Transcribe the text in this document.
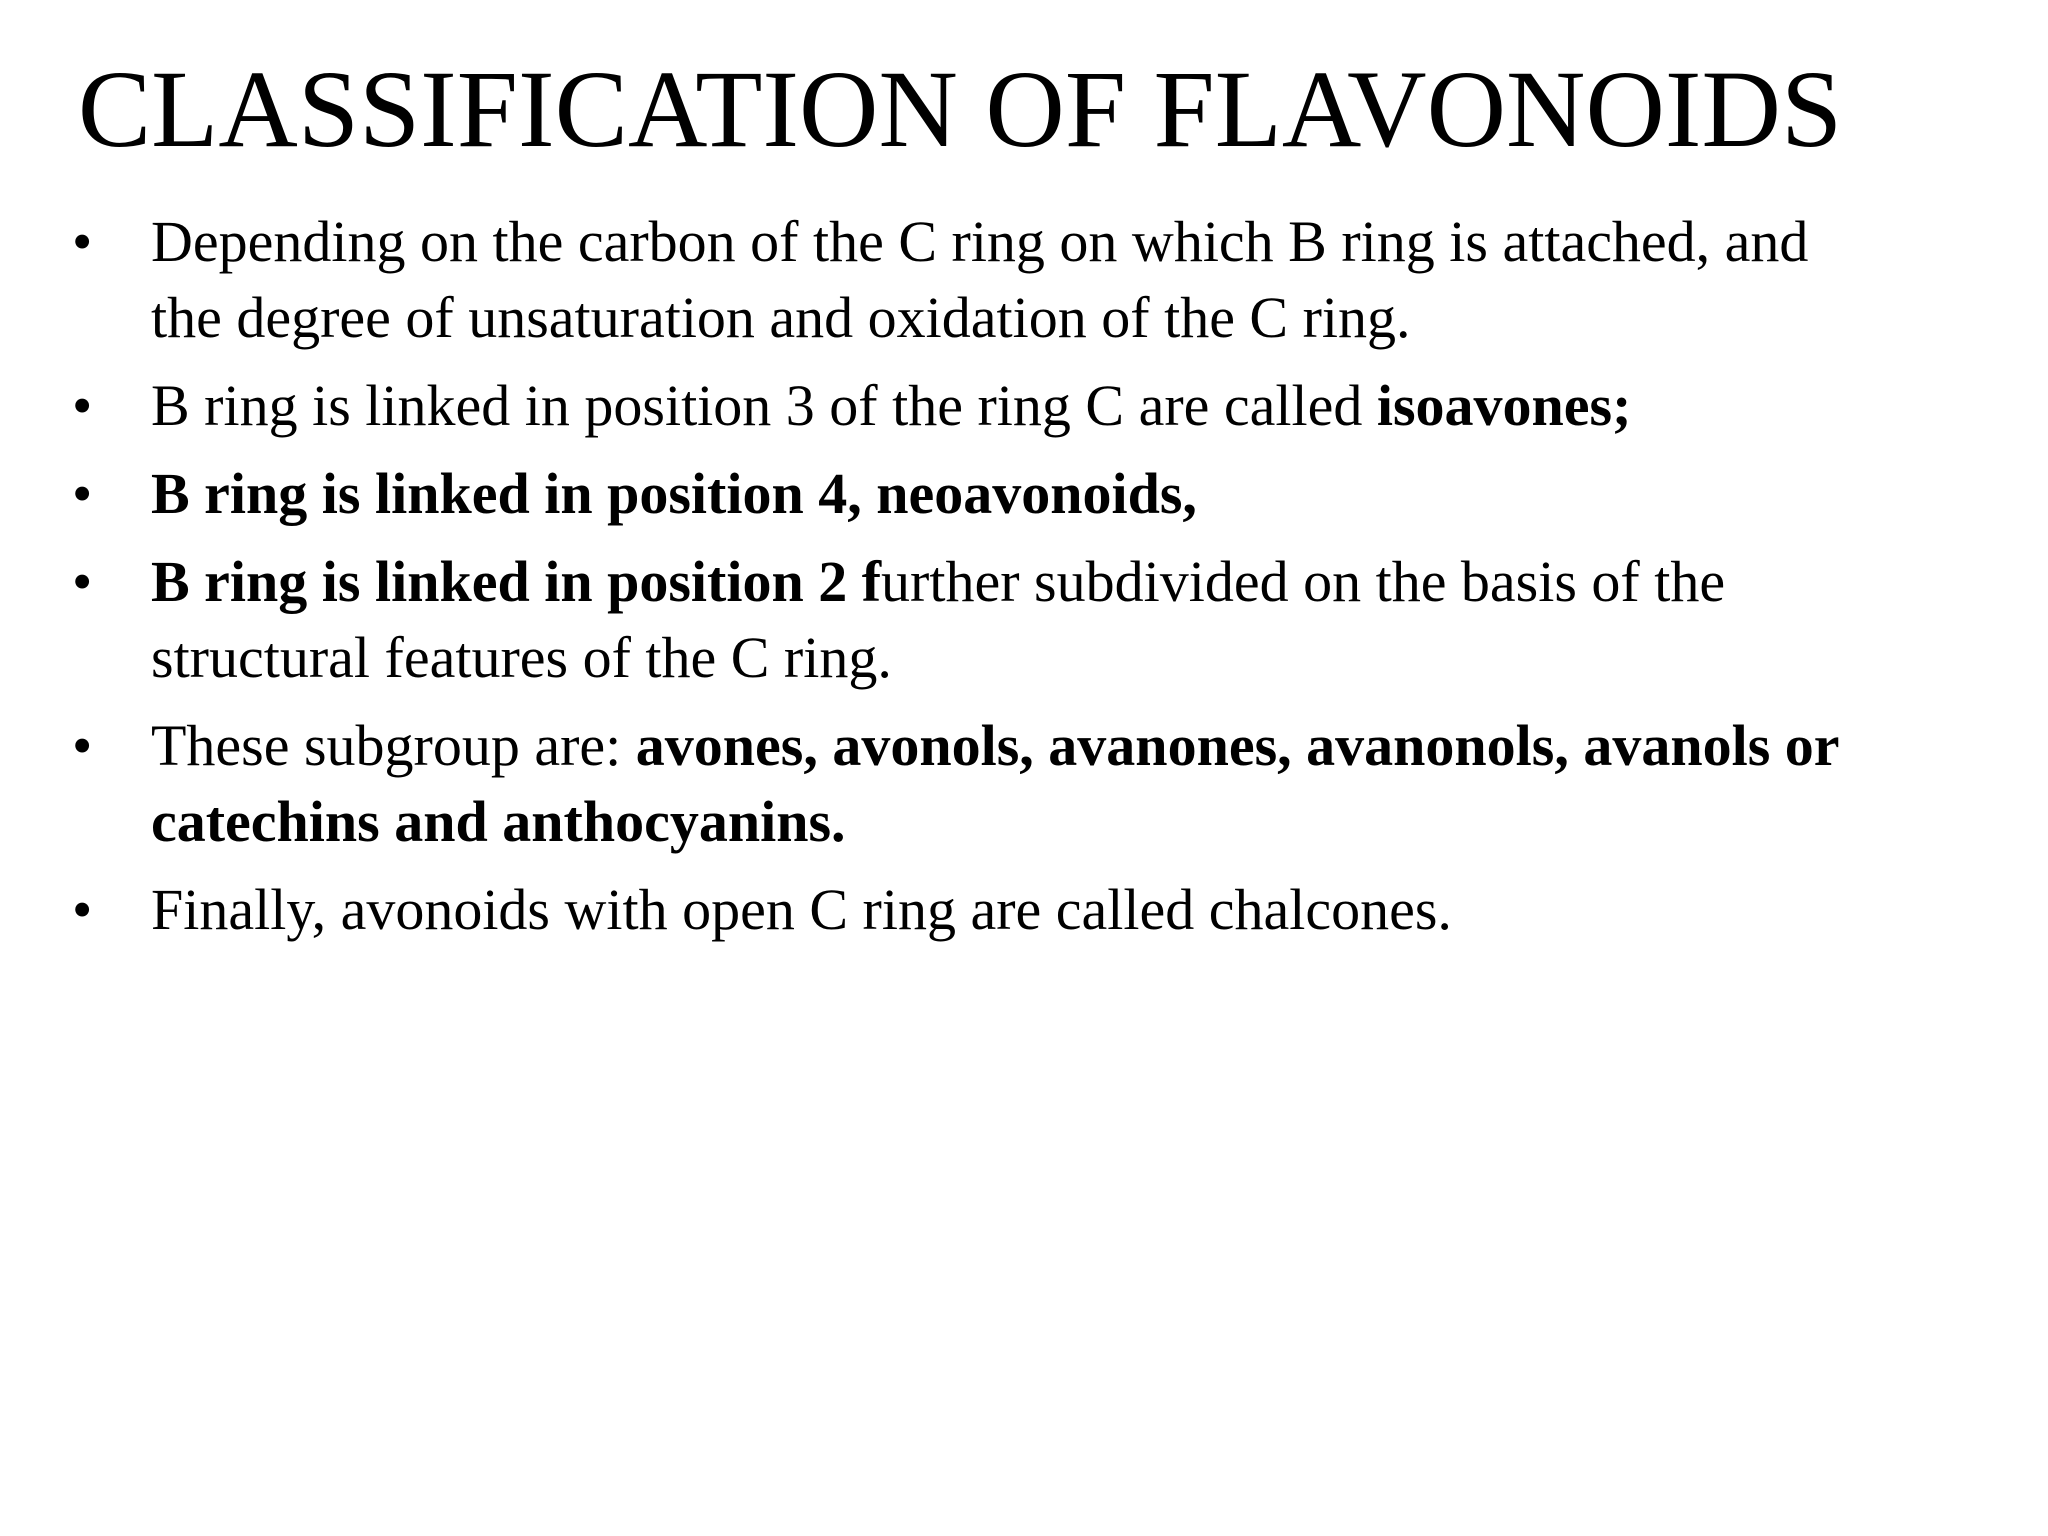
CLASSIFICATION OF FLAVONOIDS
•	Depending on the carbon of the C ring on which B ring is attached, and
the degree of unsaturation and oxidation of the C ring.
•	B ring is linked in position 3 of the ring C are called isoavones;
•	B ring is linked in position 4, neoavonoids,
•	B ring is linked in position 2 further subdivided on the basis of the
structural features of the C ring.
•	These subgroup are: avones, avonols, avanones, avanonols, avanols or
catechins and anthocyanins.
•	Finally, avonoids with open C ring are called chalcones.
